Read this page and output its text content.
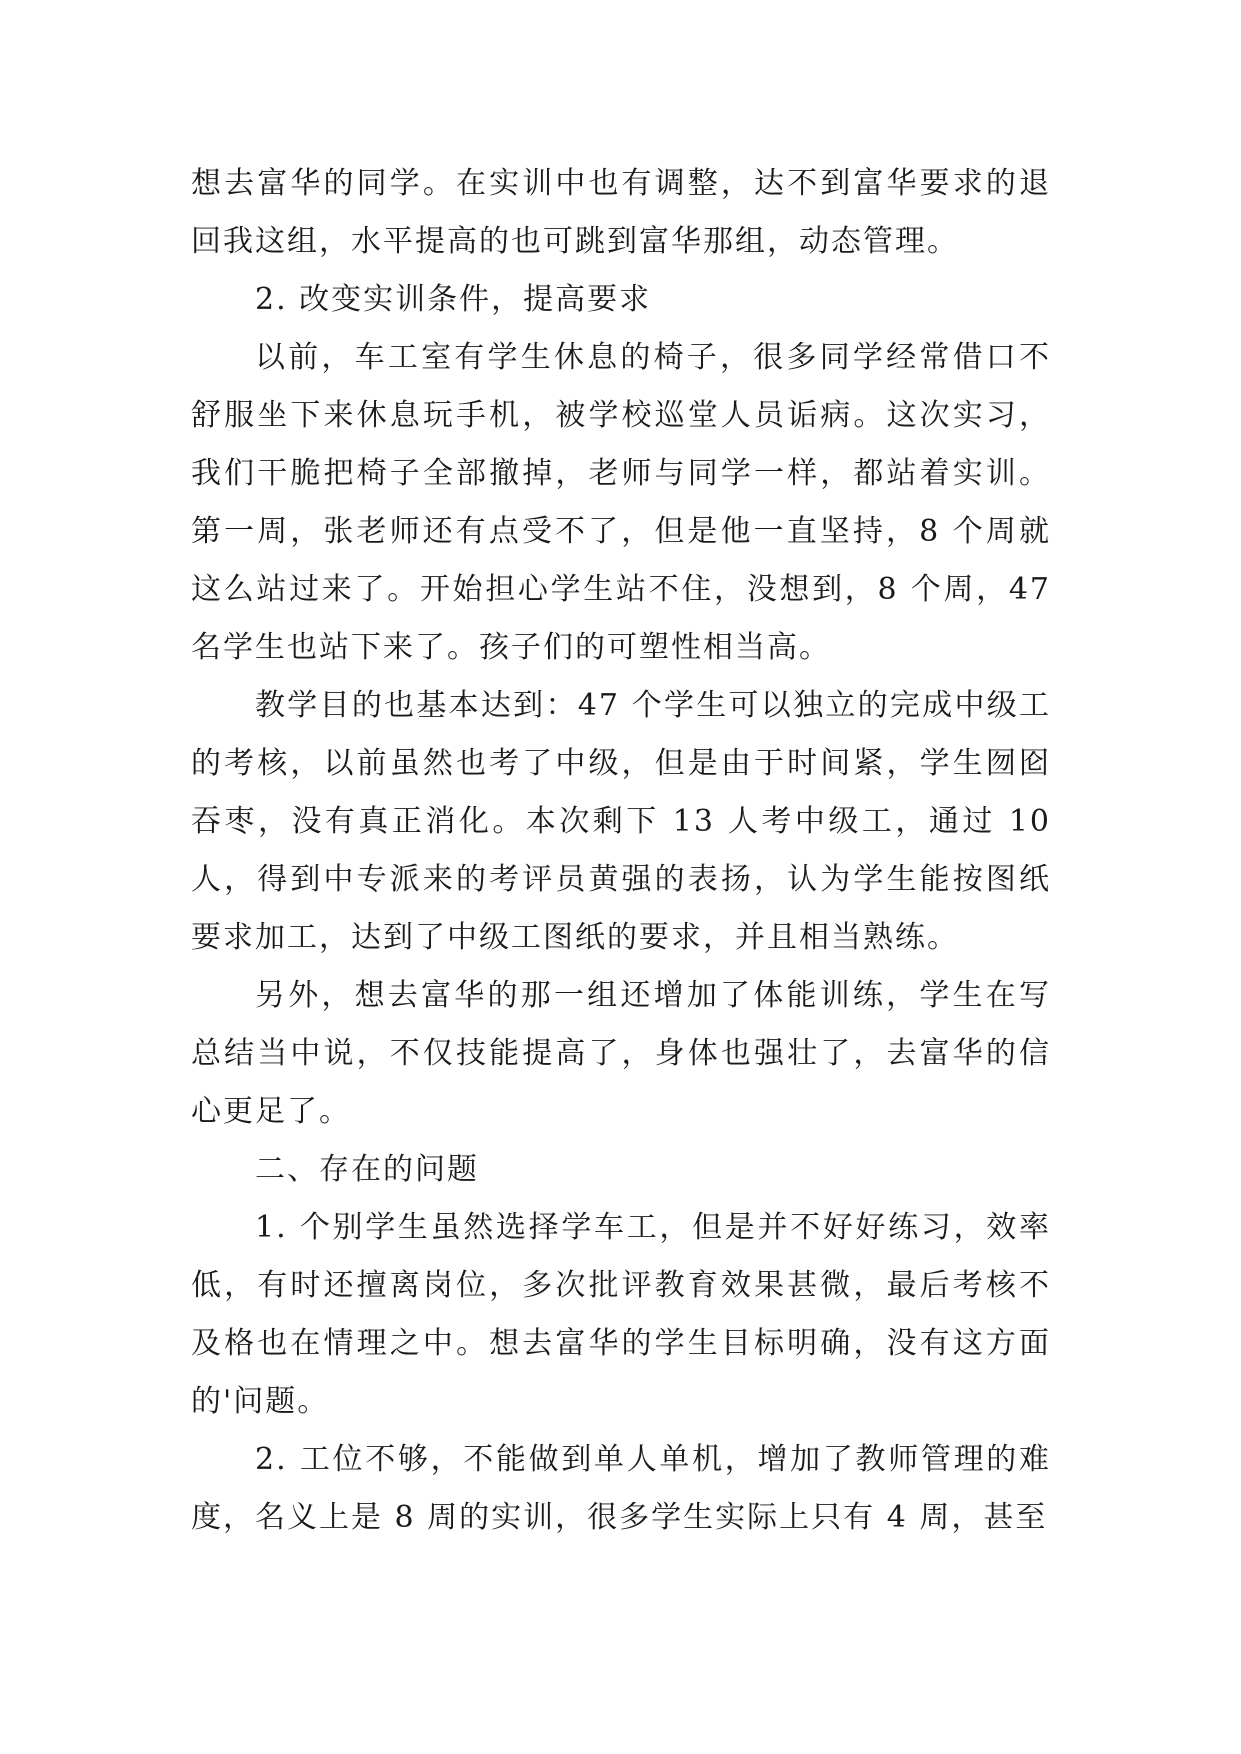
想去富华的同学。在实训中也有调整，达不到富华要求的退回我这组，水平提高的也可跳到富华那组，动态管理。

2. 改变实训条件，提高要求

以前，车工室有学生休息的椅子，很多同学经常借口不舒服坐下来休息玩手机，被学校巡堂人员诟病。这次实习，我们干脆把椅子全部撤掉，老师与同学一样，都站着实训。第一周，张老师还有点受不了，但是他一直坚持，8 个周就这么站过来了。开始担心学生站不住，没想到，8 个周，47 名学生也站下来了。孩子们的可塑性相当高。

教学目的也基本达到：47 个学生可以独立的完成中级工的考核，以前虽然也考了中级，但是由于时间紧，学生囫囵吞枣，没有真正消化。本次剩下 13 人考中级工，通过 10 人，得到中专派来的考评员黄强的表扬，认为学生能按图纸要求加工，达到了中级工图纸的要求，并且相当熟练。

另外，想去富华的那一组还增加了体能训练，学生在写总结当中说，不仅技能提高了，身体也强壮了，去富华的信心更足了。

二、存在的问题

1. 个别学生虽然选择学车工，但是并不好好练习，效率低，有时还擅离岗位，多次批评教育效果甚微，最后考核不及格也在情理之中。想去富华的学生目标明确，没有这方面的'问题。

2. 工位不够，不能做到单人单机，增加了教师管理的难度，名义上是 8 周的实训，很多学生实际上只有 4 周，甚至
